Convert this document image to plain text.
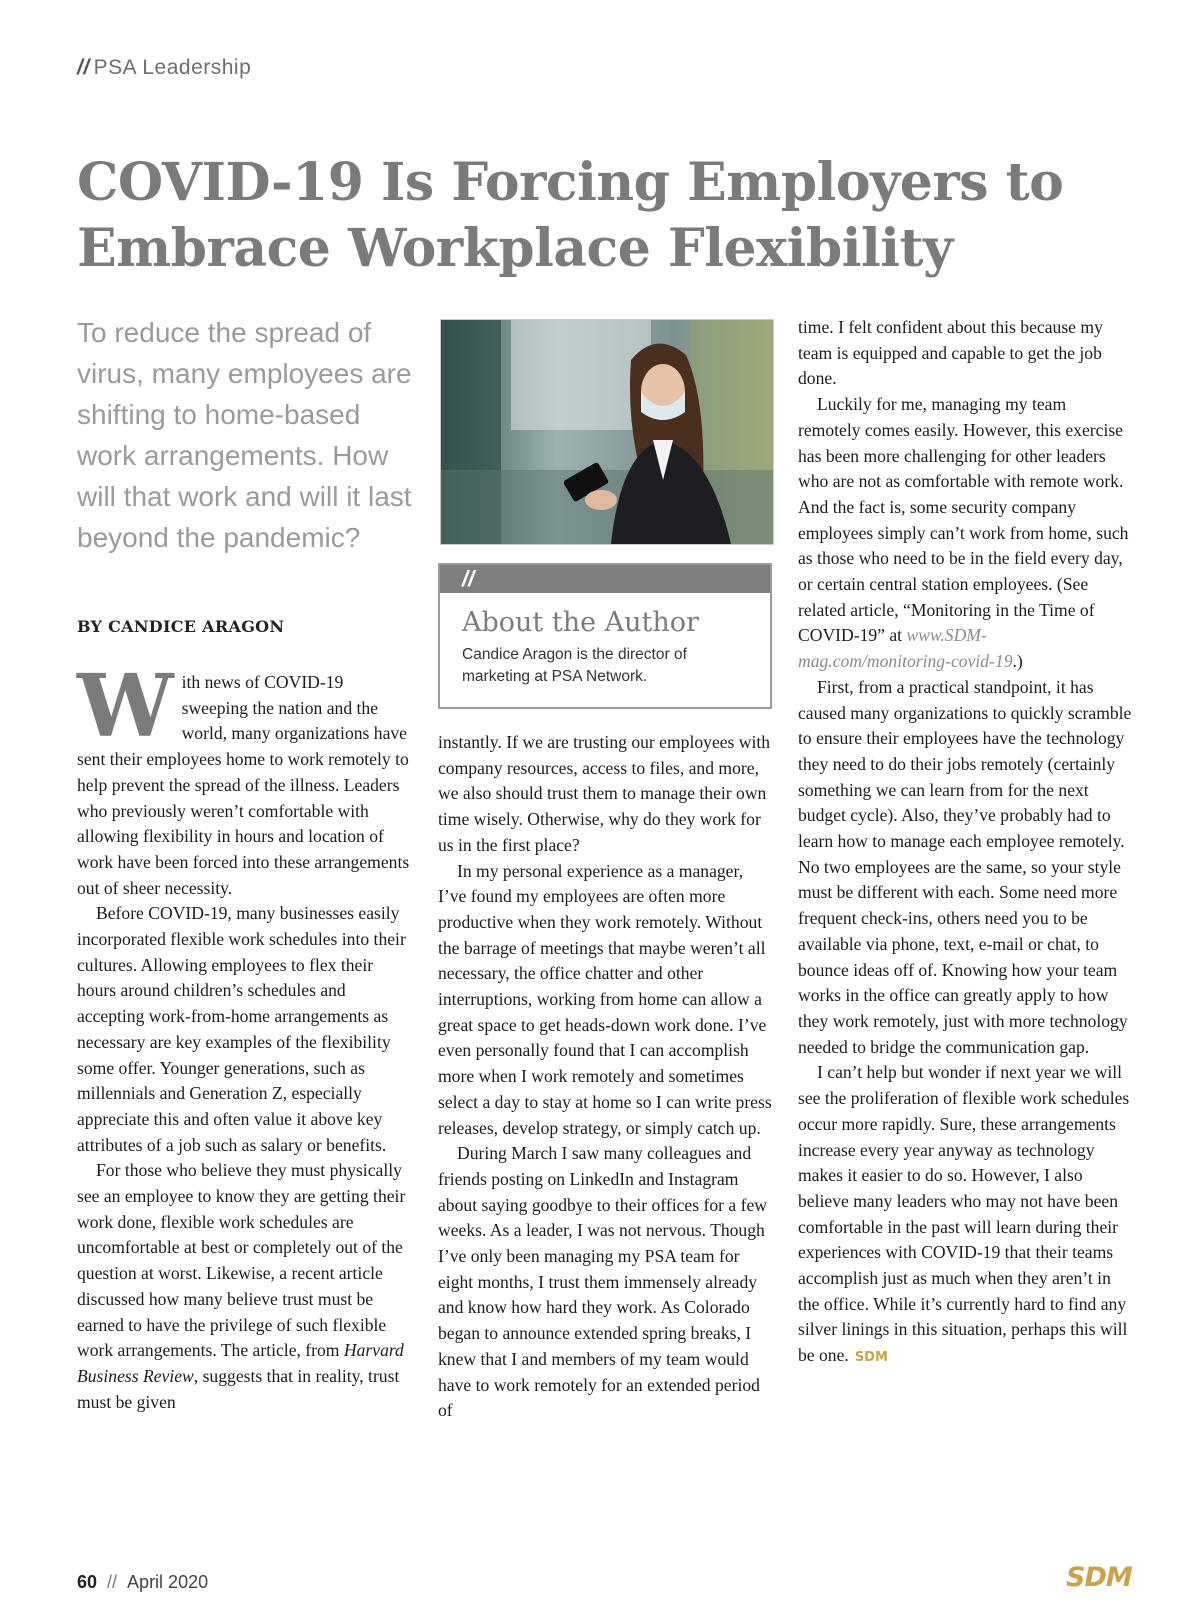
// PSA Leadership
COVID-19 Is Forcing Employers to Embrace Workplace Flexibility

To reduce the spread of virus, many employees are shifting to home-based work arrangements. How will that work and will it last beyond the pandemic?

BY CANDICE ARAGON

With news of COVID-19 sweeping the nation and the world, many organizations have sent their employees home to work remotely to help prevent the spread of the illness. Leaders who previously weren’t comfortable with allowing flexibility in hours and location of work have been forced into these arrangements out of sheer necessity.

Before COVID-19, many businesses easily incorporated flexible work schedules into their cultures. Allowing employees to flex their hours around children’s schedules and accepting work-from-home arrangements as necessary are key examples of the flexibility some offer. Younger generations, such as millennials and Generation Z, especially appreciate this and often value it above key attributes of a job such as salary or benefits.

For those who believe they must physically see an employee to know they are getting their work done, flexible work schedules are uncomfortable at best or completely out of the question at worst. Likewise, a recent article discussed how many believe trust must be earned to have the privilege of such flexible work arrangements. The article, from Harvard Business Review, suggests that in reality, trust must be given

//
About the Author
Candice Aragon is the director of marketing at PSA Network.

instantly. If we are trusting our employees with company resources, access to files, and more, we also should trust them to manage their own time wisely. Otherwise, why do they work for us in the first place?

In my personal experience as a manager, I’ve found my employees are often more productive when they work remotely. Without the barrage of meetings that maybe weren’t all necessary, the office chatter and other interruptions, working from home can allow a great space to get heads-down work done. I’ve even personally found that I can accomplish more when I work remotely and sometimes select a day to stay at home so I can write press releases, develop strategy, or simply catch up.

During March I saw many colleagues and friends posting on LinkedIn and Instagram about saying goodbye to their offices for a few weeks. As a leader, I was not nervous. Though I’ve only been managing my PSA team for eight months, I trust them immensely already and know how hard they work. As Colorado began to announce extended spring breaks, I knew that I and members of my team would have to work remotely for an extended period of

time. I felt confident about this because my team is equipped and capable to get the job done.

Luckily for me, managing my team remotely comes easily. However, this exercise has been more challenging for other leaders who are not as comfortable with remote work. And the fact is, some security company employees simply can’t work from home, such as those who need to be in the field every day, or certain central station employees. (See related article, “Monitoring in the Time of COVID-19” at www.SDM-mag.com/monitoring-covid-19.)

First, from a practical standpoint, it has caused many organizations to quickly scramble to ensure their employees have the technology they need to do their jobs remotely (certainly something we can learn from for the next budget cycle). Also, they’ve probably had to learn how to manage each employee remotely. No two employees are the same, so your style must be different with each. Some need more frequent check-ins, others need you to be available via phone, text, e-mail or chat, to bounce ideas off of. Knowing how your team works in the office can greatly apply to how they work remotely, just with more technology needed to bridge the communication gap.

I can’t help but wonder if next year we will see the proliferation of flexible work schedules occur more rapidly. Sure, these arrangements increase every year anyway as technology makes it easier to do so. However, I also believe many leaders who may not have been comfortable in the past will learn during their experiences with COVID-19 that their teams accomplish just as much when they aren’t in the office. While it’s currently hard to find any silver linings in this situation, perhaps this will be one. SDM

60 // April 2020	SDM
